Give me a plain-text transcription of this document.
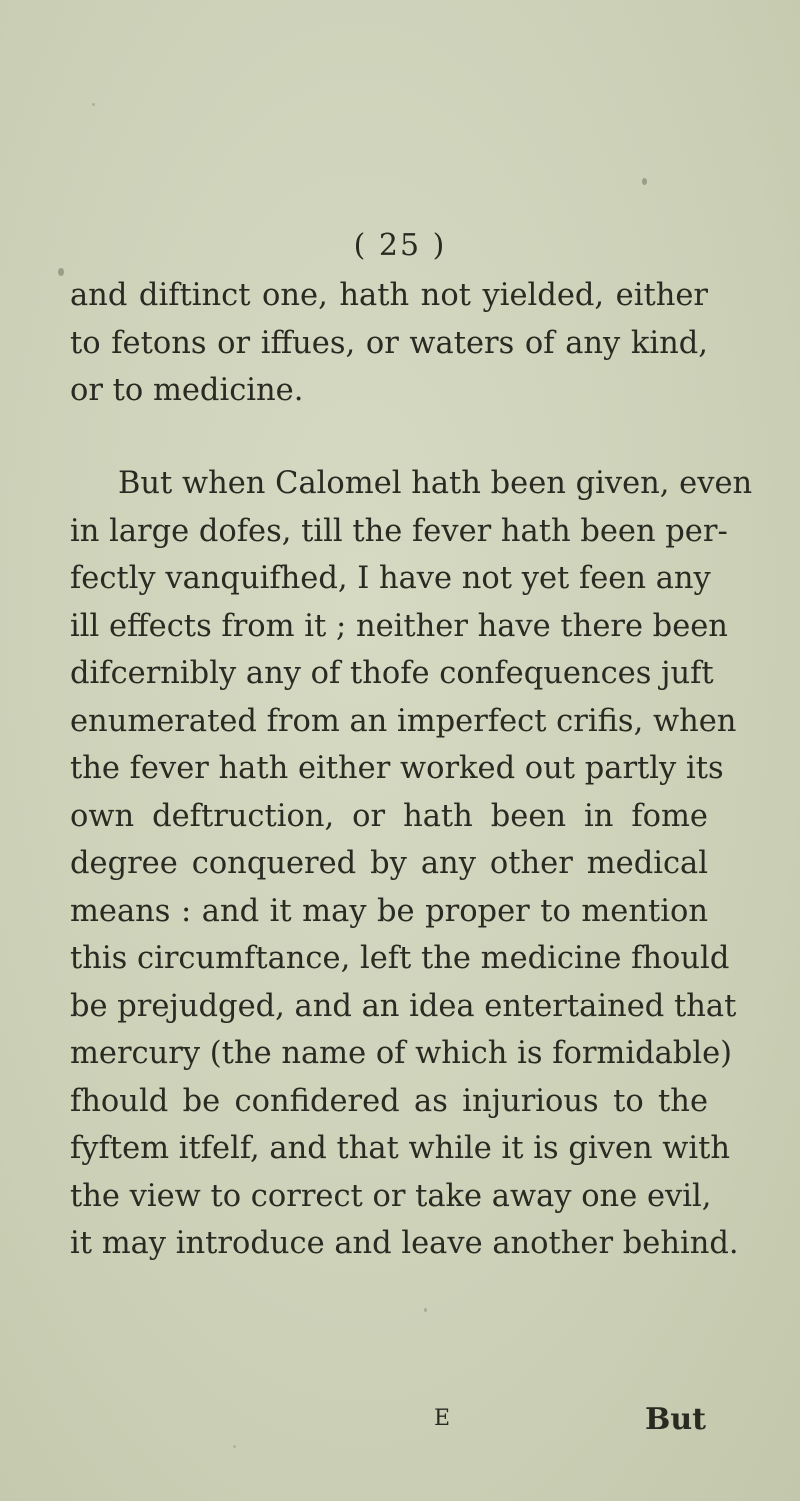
( 25 )
and diftinct one, hath not yielded, either
to fetons or iffues, or waters of any kind,
or to medicine.
But when Calomel hath been given, even
in large dofes, till the fever hath been per-
fectly vanquifhed, I have not yet feen any
ill effects from it ; neither have there been
difcernibly any of thofe confequences juft
enumerated from an imperfect crifis, when
the fever hath either worked out partly its
own deftruction, or hath been in fome
degree conquered by any other medical
means : and it may be proper to mention
this circumftance, left the medicine fhould
be prejudged, and an idea entertained that
mercury (the name of which is formidable)
fhould be confidered as injurious to the
fyftem itfelf, and that while it is given with
the view to correct or take away one evil,
it may introduce and leave another behind.
E	But
